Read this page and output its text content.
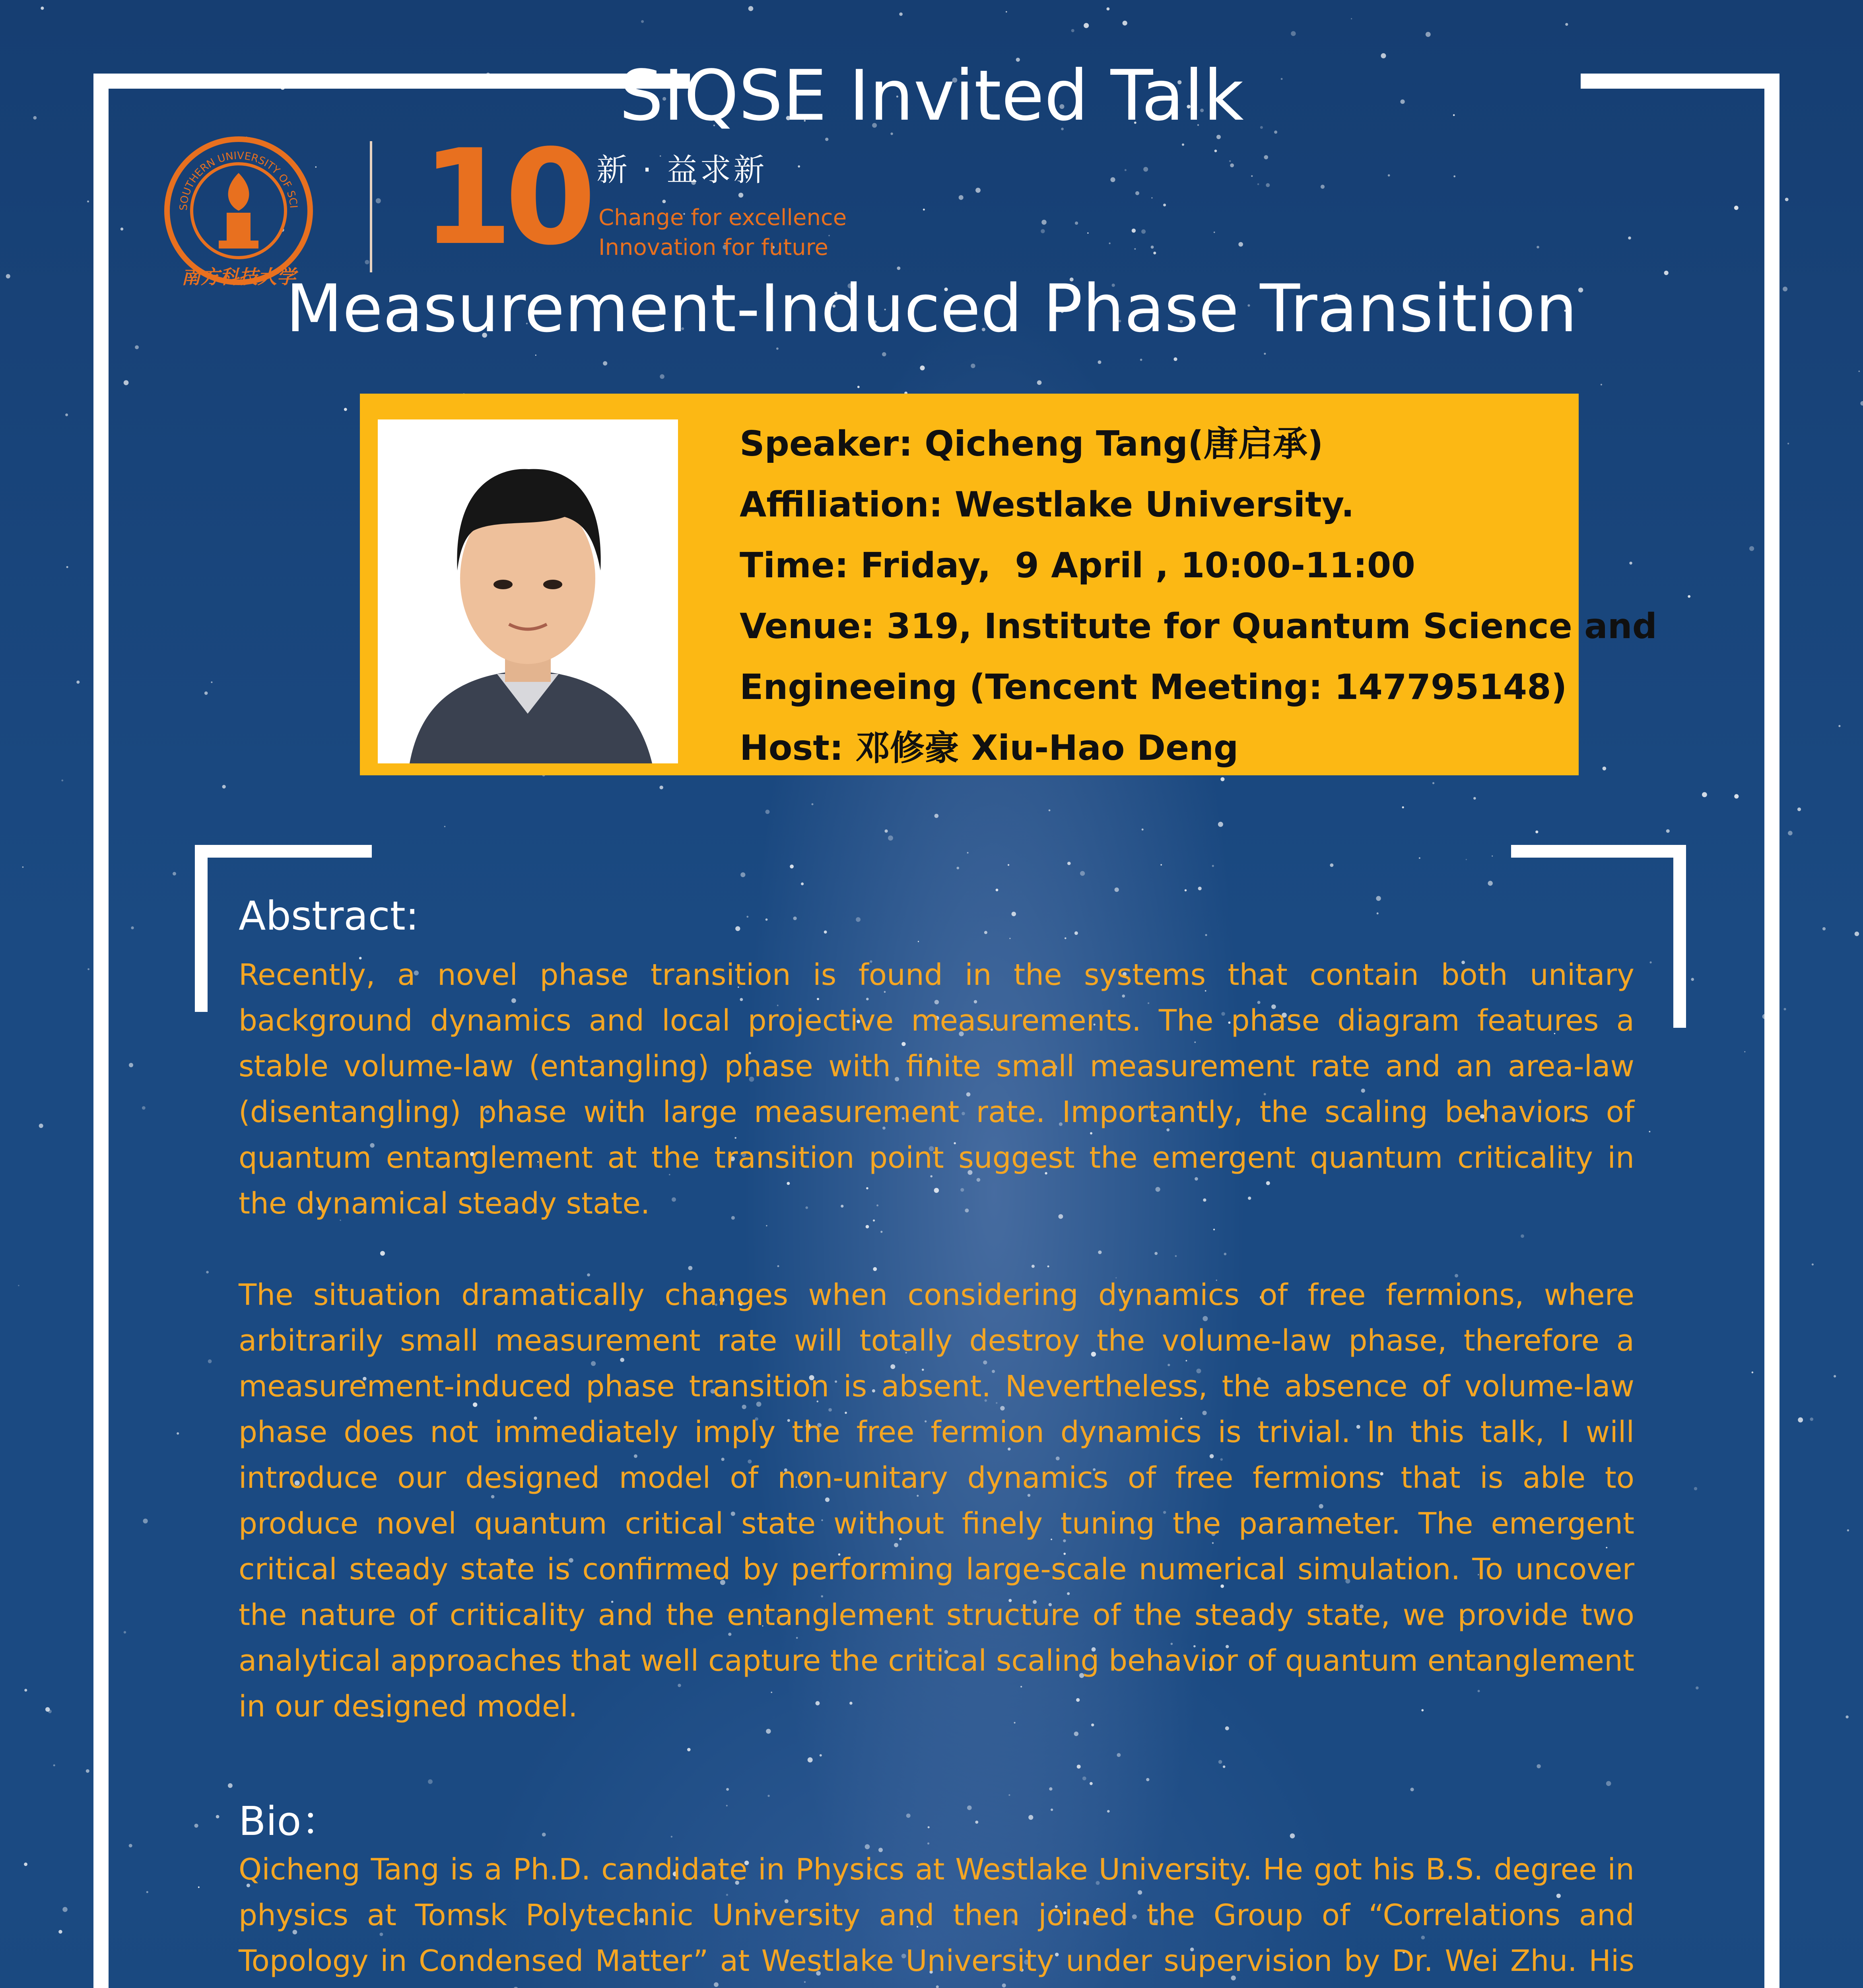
SIQSE Invited Talk
SOUTHERN UNIVERSITY OF SCI
南方科技大学
10 新 · 益求新
Change for excellence
Innovation for future
Measurement-Induced Phase Transition
Speaker: Qicheng Tang(唐启承)
Affiliation: Westlake University.
Time: Friday,  9 April , 10:00-11:00
Venue: 319, Institute for Quantum Science and
Engineeing (Tencent Meeting: 147795148)
Host: 邓修豪 Xiu-Hao Deng
Abstract:

Recently, a novel phase transition is found in the systems that contain both unitary background dynamics and local projective measurements. The phase diagram features a stable volume-law (entangling) phase with finite small measurement rate and an area-law (disentangling) phase with large measurement rate. Importantly, the scaling behaviors of quantum entanglement at the transition point suggest the emergent quantum criticality in the dynamical steady state.

The situation dramatically changes when considering dynamics of free fermions, where arbitrarily small measurement rate will totally destroy the volume-law phase, therefore a measurement-induced phase transition is absent. Nevertheless, the absence of volume-law phase does not immediately imply the free fermion dynamics is trivial. In this talk, I will introduce our designed model of non-unitary dynamics of free fermions that is able to produce novel quantum critical state without finely tuning the parameter. The emergent critical steady state is confirmed by performing large-scale numerical simulation. To uncover the nature of criticality and the entanglement structure of the steady state, we provide two analytical approaches that well capture the critical scaling behavior of quantum entanglement in our designed model.

Bio：

Qicheng Tang is a Ph.D. candidate in Physics at Westlake University. He got his B.S. degree in physics at Tomsk Polytechnic University and then joined the Group of “Correlations and Topology in Condensed Matter” at Westlake University under supervision by Dr. Wei Zhu. His
